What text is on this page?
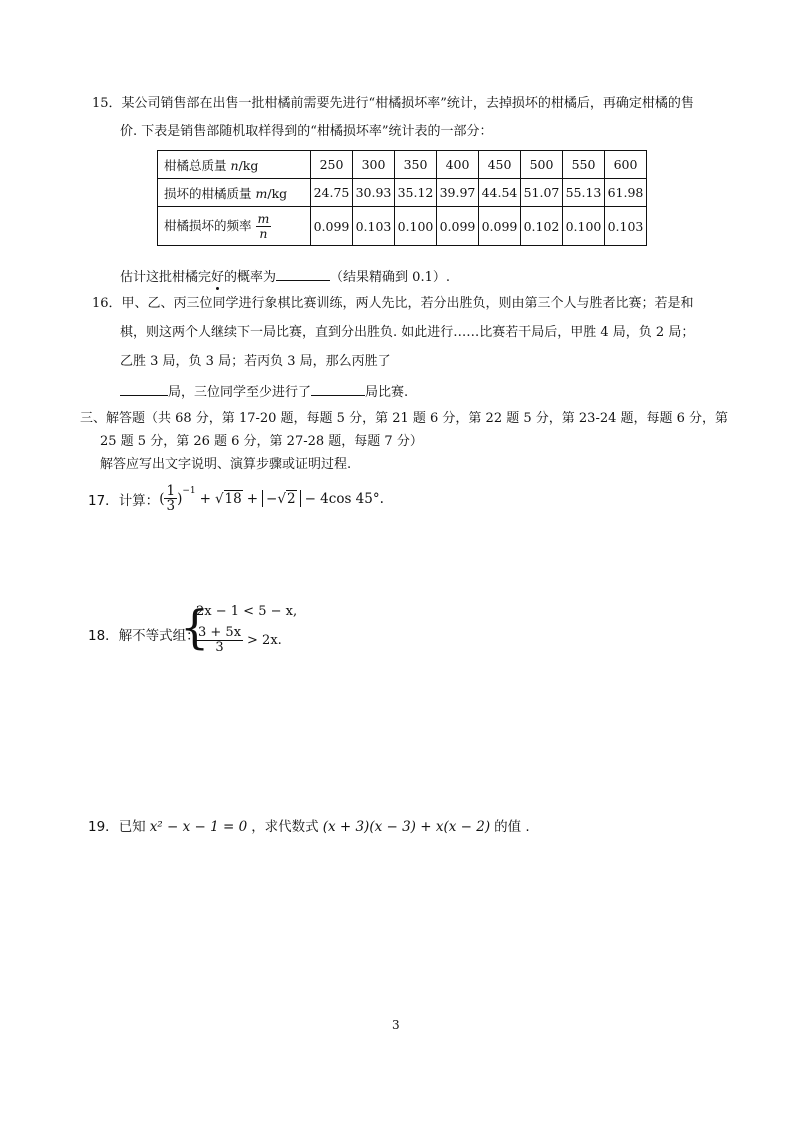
15．某公司销售部在出售一批柑橘前需要先进行“柑橘损坏率”统计，去掉损坏的柑橘后，再确定柑橘的售
价. 下表是销售部随机取样得到的“柑橘损坏率”统计表的一部分：
柑橘总质量 n/kg	250	300	350	400	450	500	550	600
损坏的柑橘质量 m/kg	24.75	30.93	35.12	39.97	44.54	51.07	55.13	61.98
柑橘损坏的频率 $\frac{m}{n}$	0.099	0.103	0.100	0.099	0.099	0.102	0.100	0.103
估计这批柑橘完好的概率为	（结果精确到 0.1）.
16．甲、乙、丙三位同学进行象棋比赛训练，两人先比，若分出胜负，则由第三个人与胜者比赛；若是和
棋，则这两个人继续下一局比赛，直到分出胜负. 如此进行……比赛若干局后，甲胜 4 局，负 2 局；
乙胜 3 局，负 3 局；若丙负 3 局，那么丙胜了
局，三位同学至少进行了	局比赛.
三、解答题（共 68 分，第 17-20 题，每题 5 分，第 21 题 6 分，第 22 题 5 分，第 23-24 题，每题 6 分，第
25 题 5 分，第 26 题 6 分，第 27-28 题，每题 7 分）
解答应写出文字说明、演算步骤或证明过程.
17． 计算： ( $\frac{1}{3} )^{-1}$ + √ 18 + −√2 − 4cos 45° .
18．解不等式组：
{
2x − 1 < 5 − x,
$\frac{3 + 5x}{3} > 2x$.
19．已知 x² − x − 1 = 0 ，求代数式 (x + 3)(x − 3) + x(x − 2) 的值 .
3
